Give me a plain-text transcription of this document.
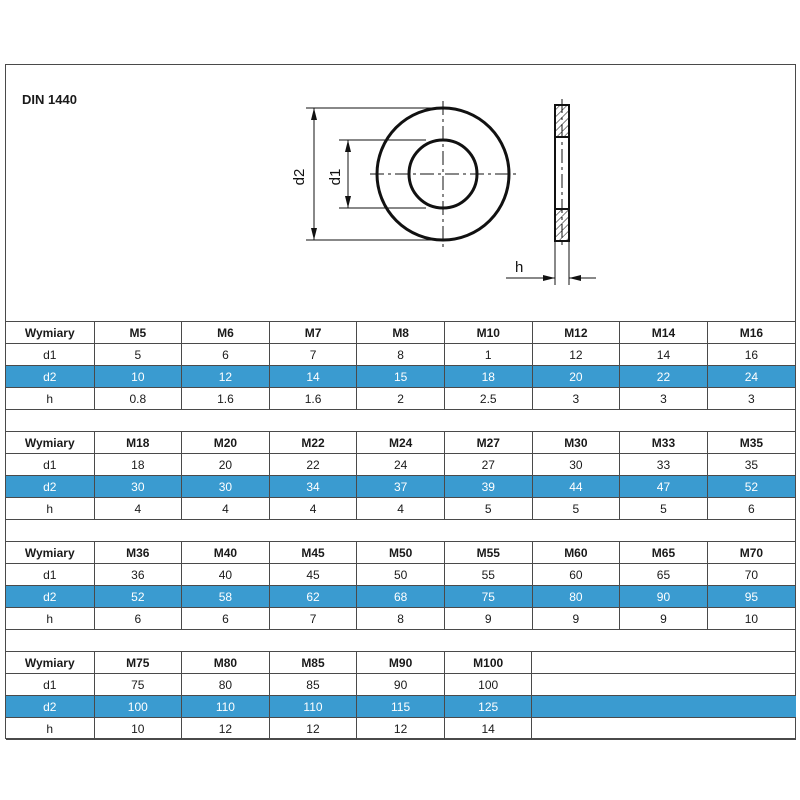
d2 d1
h
DIN 1440
Wymiary	M5	M6	M7	M8	M10	M12	M14	M16
d1	5	6	7	8	1	12	14	16
d2	10	12	14	15	18	20	22	24
h	0.8	1.6	1.6	2	2.5	3	3	3
Wymiary	M18	M20	M22	M24	M27	M30	M33	M35
d1	18	20	22	24	27	30	33	35
d2	30	30	34	37	39	44	47	52
h	4	4	4	4	5	5	5	6
Wymiary	M36	M40	M45	M50	M55	M60	M65	M70
d1	36	40	45	50	55	60	65	70
d2	52	58	62	68	75	80	90	95
h	6	6	7	8	9	9	9	10
Wymiary	M75	M80	M85	M90	M100	
d1	75	80	85	90	100	
d2	100	110	110	115	125	
h	10	12	12	12	14	
